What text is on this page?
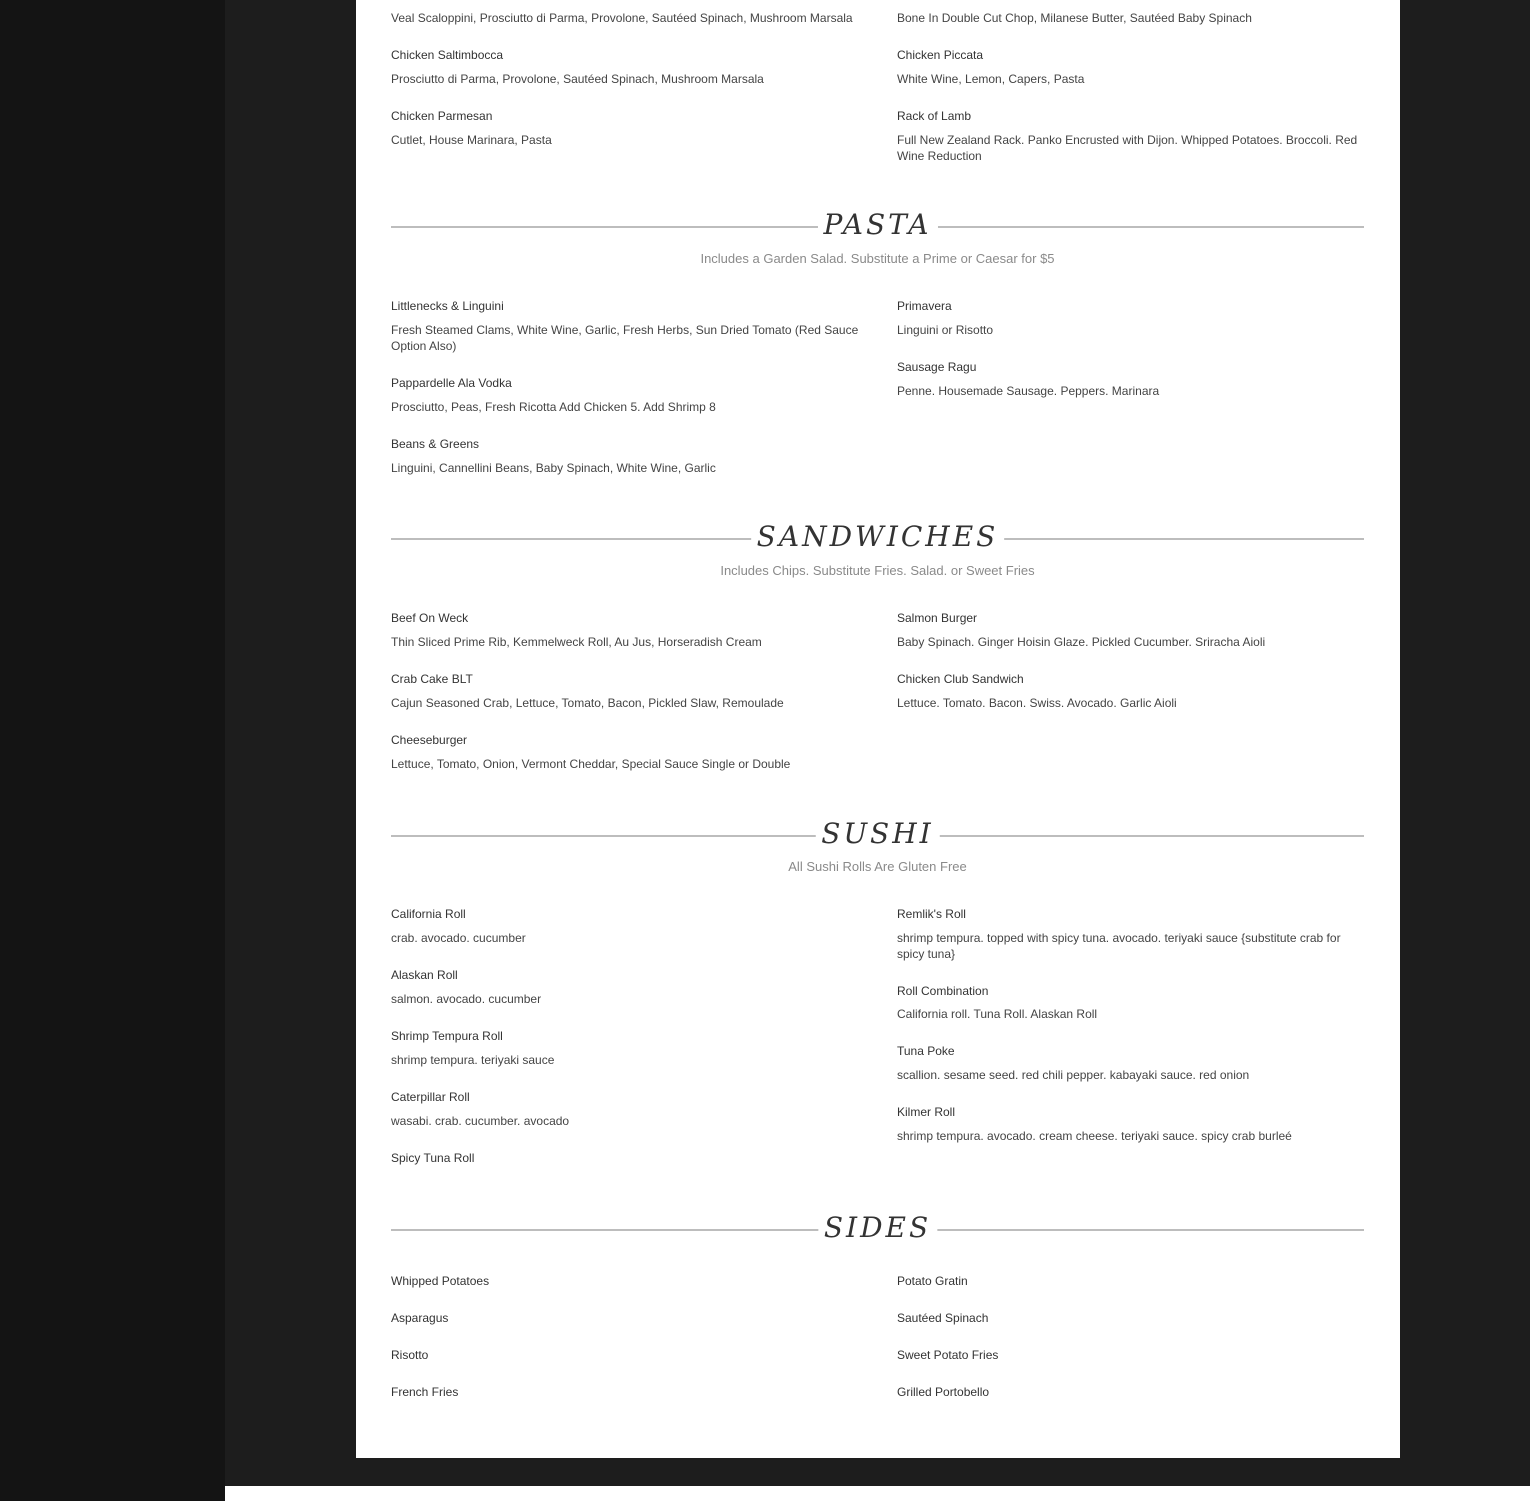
Veal Scaloppini, Prosciutto di Parma, Provolone, Sautéed Spinach, Mushroom Marsala
Chicken Saltimbocca
Prosciutto di Parma, Provolone, Sautéed Spinach, Mushroom Marsala
Chicken Parmesan
Cutlet, House Marinara, Pasta
Bone In Double Cut Chop, Milanese Butter, Sautéed Baby Spinach
Chicken Piccata
White Wine, Lemon, Capers, Pasta
Rack of Lamb
Full New Zealand Rack. Panko Encrusted with Dijon. Whipped Potatoes. Broccoli. Red Wine Reduction
PASTA
Includes a Garden Salad. Substitute a Prime or Caesar for $5
Littlenecks & Linguini
Fresh Steamed Clams, White Wine, Garlic, Fresh Herbs, Sun Dried Tomato (Red Sauce Option Also)
Pappardelle Ala Vodka
Prosciutto, Peas, Fresh Ricotta Add Chicken 5. Add Shrimp 8
Beans & Greens
Linguini, Cannellini Beans, Baby Spinach, White Wine, Garlic
Primavera
Linguini or Risotto
Sausage Ragu
Penne. Housemade Sausage. Peppers. Marinara
SANDWICHES
Includes Chips. Substitute Fries. Salad. or Sweet Fries
Beef On Weck
Thin Sliced Prime Rib, Kemmelweck Roll, Au Jus, Horseradish Cream
Crab Cake BLT
Cajun Seasoned Crab, Lettuce, Tomato, Bacon, Pickled Slaw, Remoulade
Cheeseburger
Lettuce, Tomato, Onion, Vermont Cheddar, Special Sauce Single or Double
Salmon Burger
Baby Spinach. Ginger Hoisin Glaze. Pickled Cucumber. Sriracha Aioli
Chicken Club Sandwich
Lettuce. Tomato. Bacon. Swiss. Avocado. Garlic Aioli
SUSHI
All Sushi Rolls Are Gluten Free
California Roll
crab. avocado. cucumber
Alaskan Roll
salmon. avocado. cucumber
Shrimp Tempura Roll
shrimp tempura. teriyaki sauce
Caterpillar Roll
wasabi. crab. cucumber. avocado
Spicy Tuna Roll
Remlik's Roll
shrimp tempura. topped with spicy tuna. avocado. teriyaki sauce {substitute crab for spicy tuna}
Roll Combination
California roll. Tuna Roll. Alaskan Roll
Tuna Poke
scallion. sesame seed. red chili pepper. kabayaki sauce. red onion
Kilmer Roll
shrimp tempura. avocado. cream cheese. teriyaki sauce. spicy crab burleé
SIDES
Whipped Potatoes
Asparagus
Risotto
French Fries
Potato Gratin
Sautéed Spinach
Sweet Potato Fries
Grilled Portobello
